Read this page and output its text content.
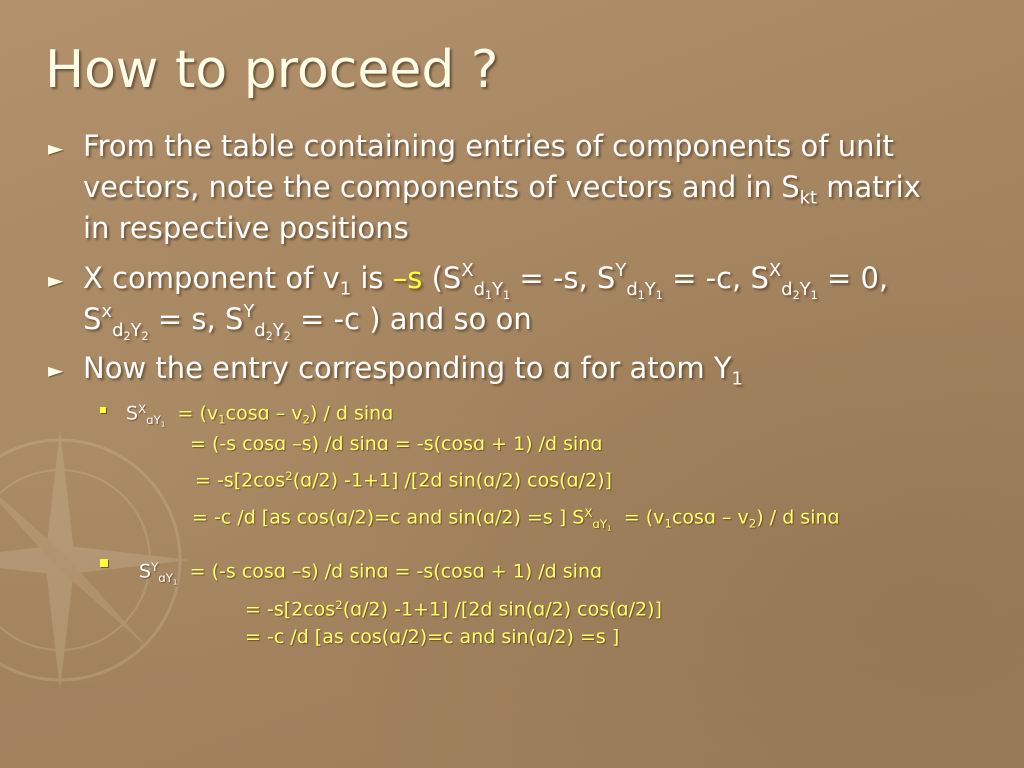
How to proceed ?
► From the table containing entries of components of unit
vectors, note the components of vectors and in $S_{kt}$ matrix
in respective positions
► X component of $v_1$ is –s ($S^X_{d_1Y_1} = -s$, $S^Y_{d_1Y_1} = -c$, $S^X_{d_2Y_1} = 0$,
$S^x_{d_2Y_2} = s$, $S^Y_{d_2Y_2} = -c$ ) and so on
► Now the entry corresponding to ɑ for atom $Y_1$
$S^X_{ɑY_1}$ = $(v_1\cos ɑ - v_2)$ / d sinɑ
= (-s cosɑ –s) /d sinɑ = -s(cosɑ + 1) /d sinɑ
= $-s[2\cos^2(ɑ/2)$ -1+1] /[2d sin(ɑ/2) cos(ɑ/2)]
= -c /d [as cos(ɑ/2)=c and sin(ɑ/2) =s ] $S^X_{ɑY_1}$ = $(v_1\cos ɑ - v_2)$ / d sinɑ
$S^Y_{ɑY_1} = (-s$ cosɑ –s) /d sinɑ = -s(cosɑ + 1) /d sinɑ
= $-s[2\cos^2(ɑ/2)$ -1+1] /[2d sin(ɑ/2) cos(ɑ/2)]
= -c /d [as cos(ɑ/2)=c and sin(ɑ/2) =s ]
